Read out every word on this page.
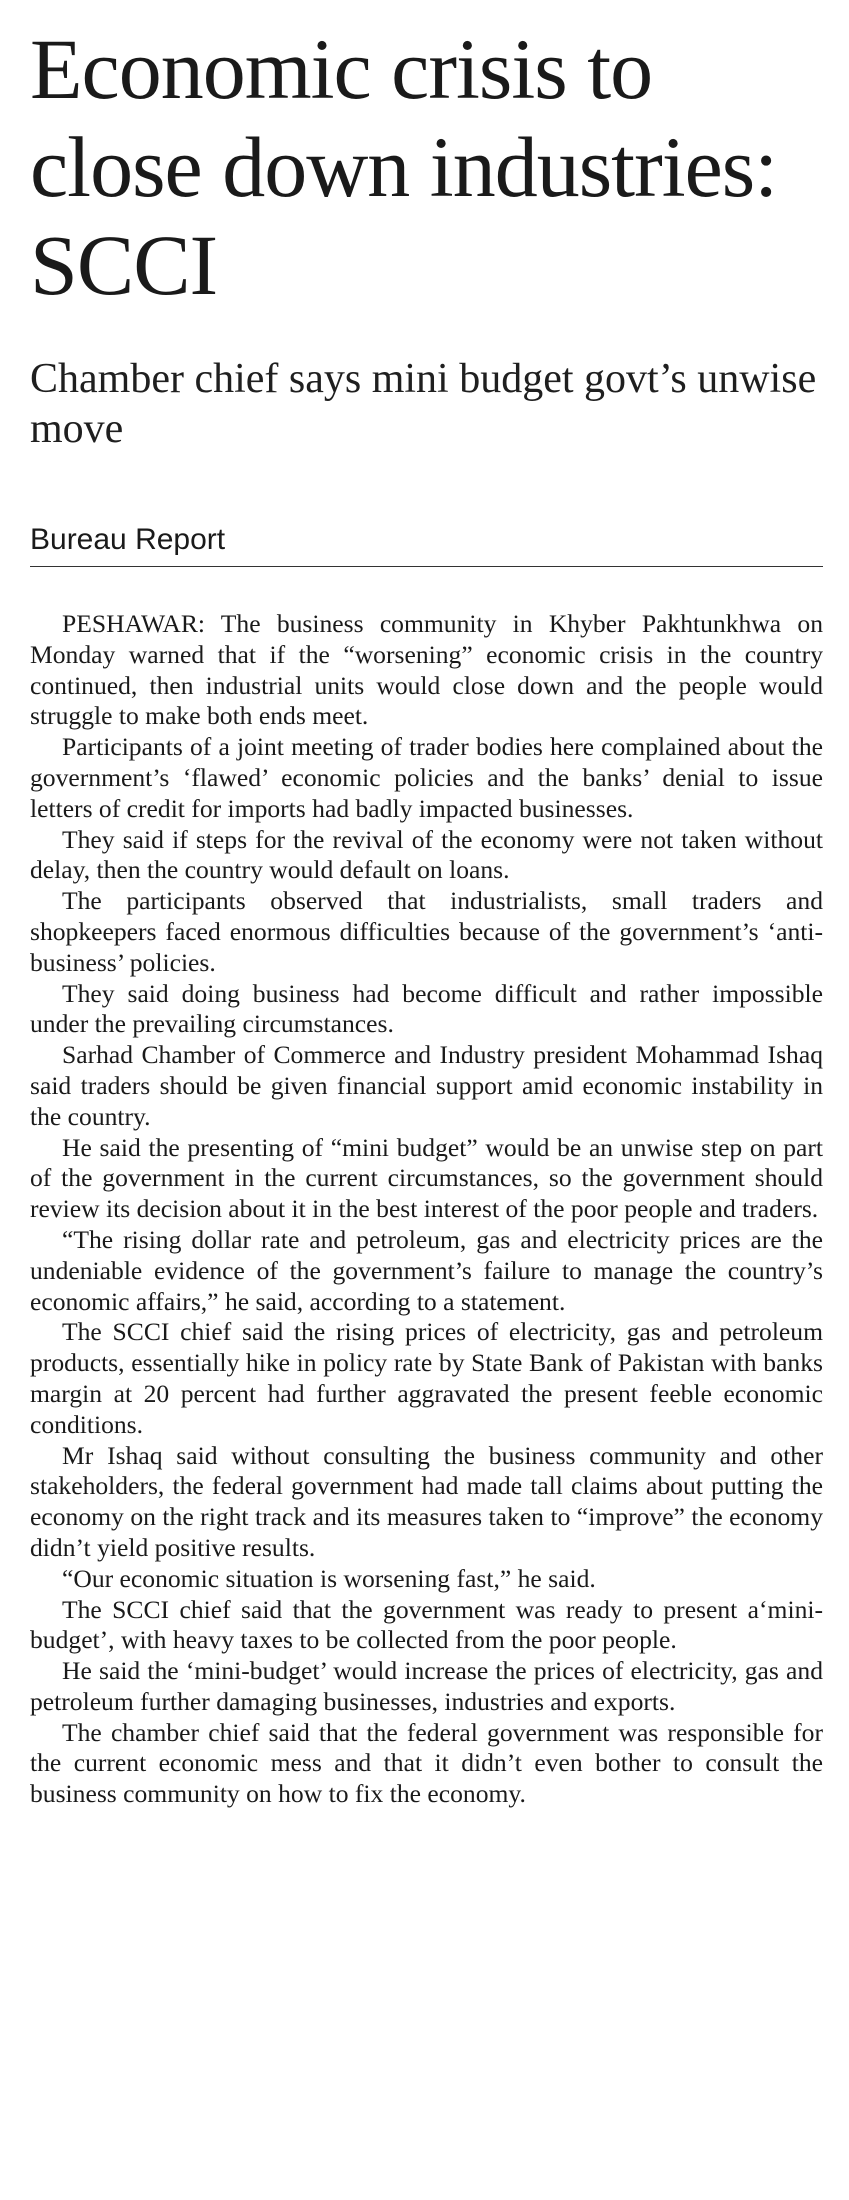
Economic crisis to close down industries: SCCI
Chamber chief says mini budget govt’s unwise move
Bureau Report

PESHAWAR: The business community in Khyber Pakhtunkhwa on Monday warned that if the “worsening” economic crisis in the country continued, then industrial units would close down and the people would struggle to make both ends meet.

Participants of a joint meeting of trader bodies here complained about the government’s ‘flawed’ economic policies and the banks’ denial to issue letters of credit for imports had badly impacted businesses.

They said if steps for the revival of the economy were not taken without delay, then the country would default on loans.

The participants observed that industrialists, small traders and shopkeepers faced enormous difficulties because of the government’s ‘anti-business’ policies.

They said doing business had become difficult and rather impossible under the prevailing circumstances.

Sarhad Chamber of Commerce and Industry president Mohammad Ishaq said traders should be given financial support amid economic instability in the country.

He said the presenting of “mini budget” would be an unwise step on part of the government in the current circumstances, so the government should review its decision about it in the best interest of the poor people and traders.

“The rising dollar rate and petroleum, gas and electricity prices are the undeniable evidence of the government’s failure to manage the country’s economic affairs,” he said, according to a statement.

The SCCI chief said the rising prices of electricity, gas and petroleum products, essentially hike in policy rate by State Bank of Pakistan with banks margin at 20 percent had further aggravated the present feeble economic conditions.

Mr Ishaq said without consulting the business community and other stakeholders, the federal government had made tall claims about putting the economy on the right track and its measures taken to “improve” the economy didn’t yield positive results.

“Our economic situation is worsening fast,” he said.

The SCCI chief said that the government was ready to present a‘mini-budget’, with heavy taxes to be collected from the poor people.

He said the ‘mini-budget’ would increase the prices of electricity, gas and petroleum further damaging businesses, industries and exports.

The chamber chief said that the federal government was responsible for the current economic mess and that it didn’t even bother to consult the business community on how to fix the economy.
